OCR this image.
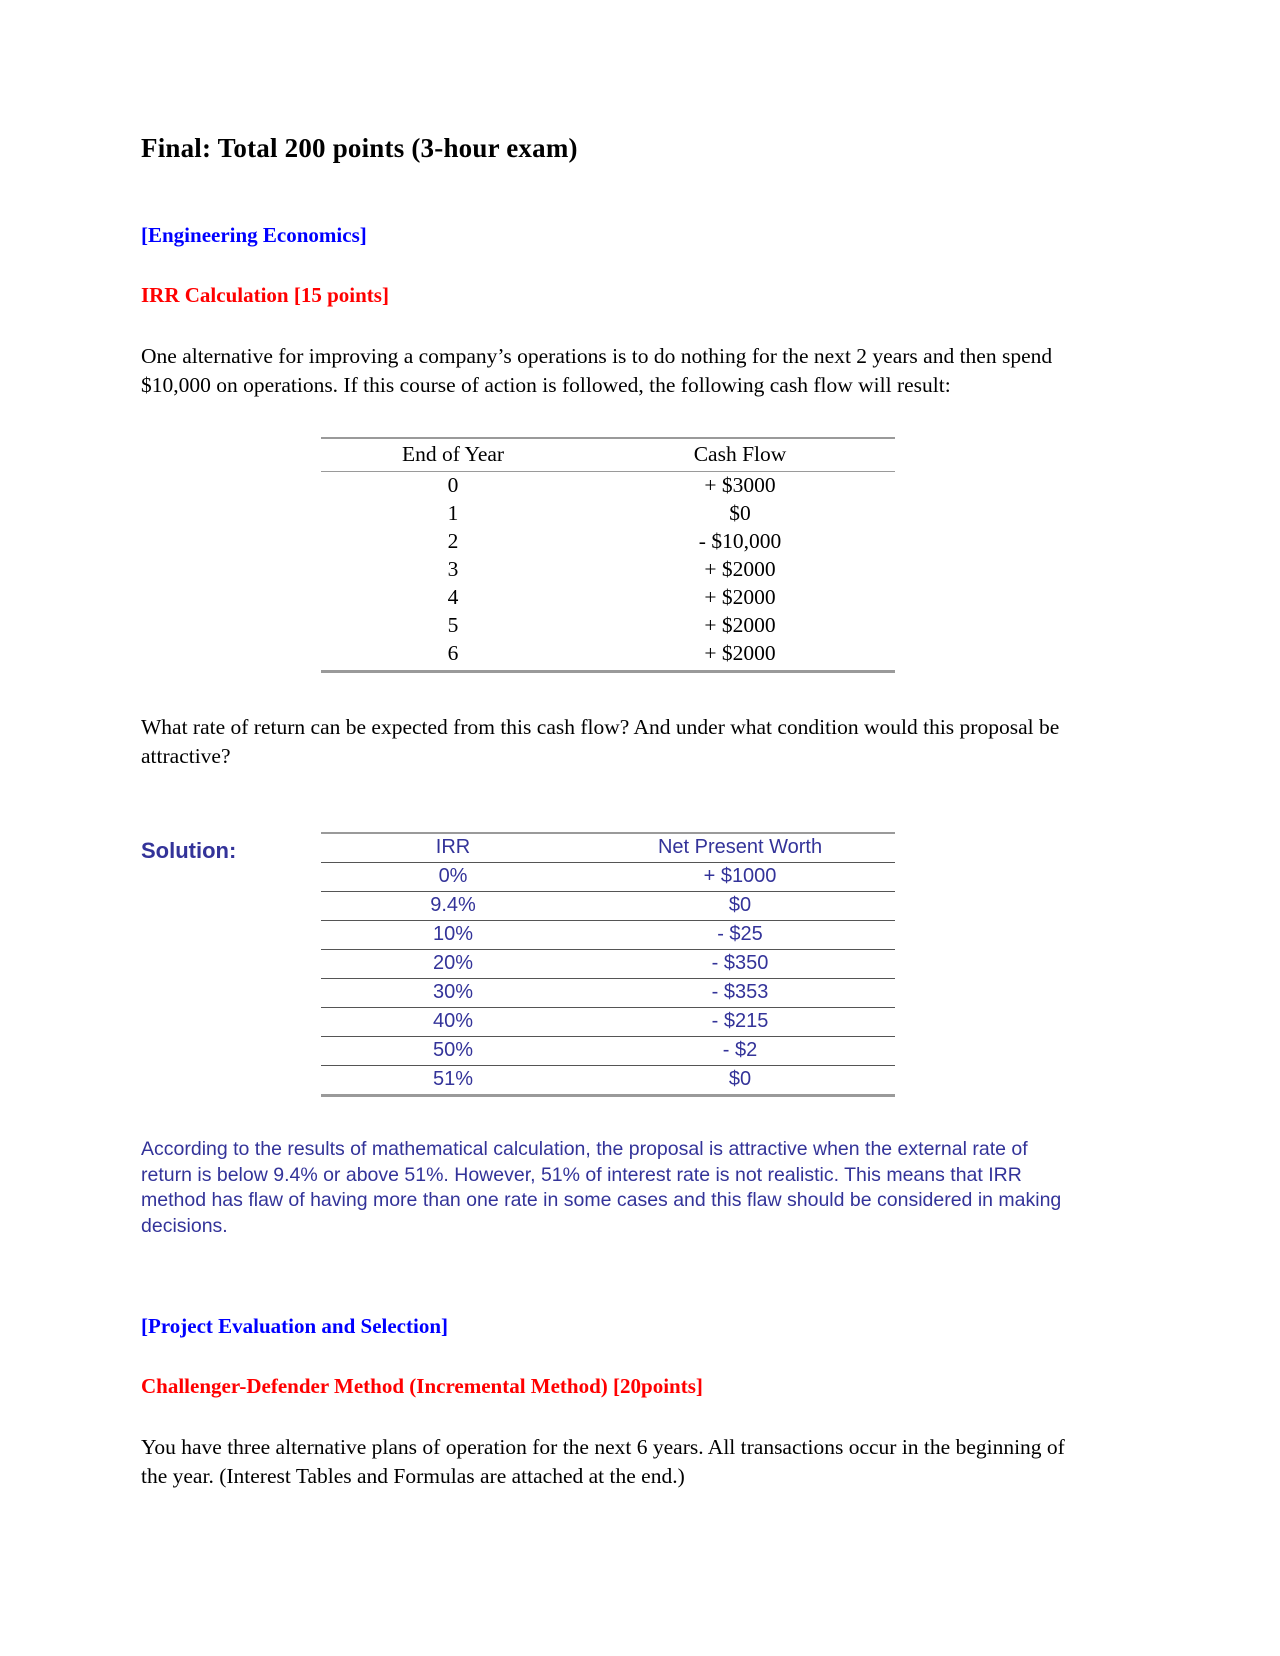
Final: Total 200 points (3-hour exam)
[Engineering Economics]
IRR Calculation [15 points]

One alternative for improving a company’s operations is to do nothing for the next 2 years and then spend $10,000 on operations. If this course of action is followed, the following cash flow will result:

End of Year	Cash Flow
0	+ $3000
1	$0
2	- $10,000
3	+ $2000
4	+ $2000
5	+ $2000
6	+ $2000

What rate of return can be expected from this cash flow? And under what condition would this proposal be attractive?

Solution:	IRR	Net Present Worth
0%	+ $1000
9.4%	$0
10%	- $25
20%	- $350
30%	- $353
40%	- $215
50%	- $2
51%	$0

According to the results of mathematical calculation, the proposal is attractive when the external rate of return is below 9.4% or above 51%. However, 51% of interest rate is not realistic. This means that IRR method has flaw of having more than one rate in some cases and this flaw should be considered in making decisions.

[Project Evaluation and Selection]
Challenger-Defender Method (Incremental Method) [20points]

You have three alternative plans of operation for the next 6 years. All transactions occur in the beginning of the year. (Interest Tables and Formulas are attached at the end.)
